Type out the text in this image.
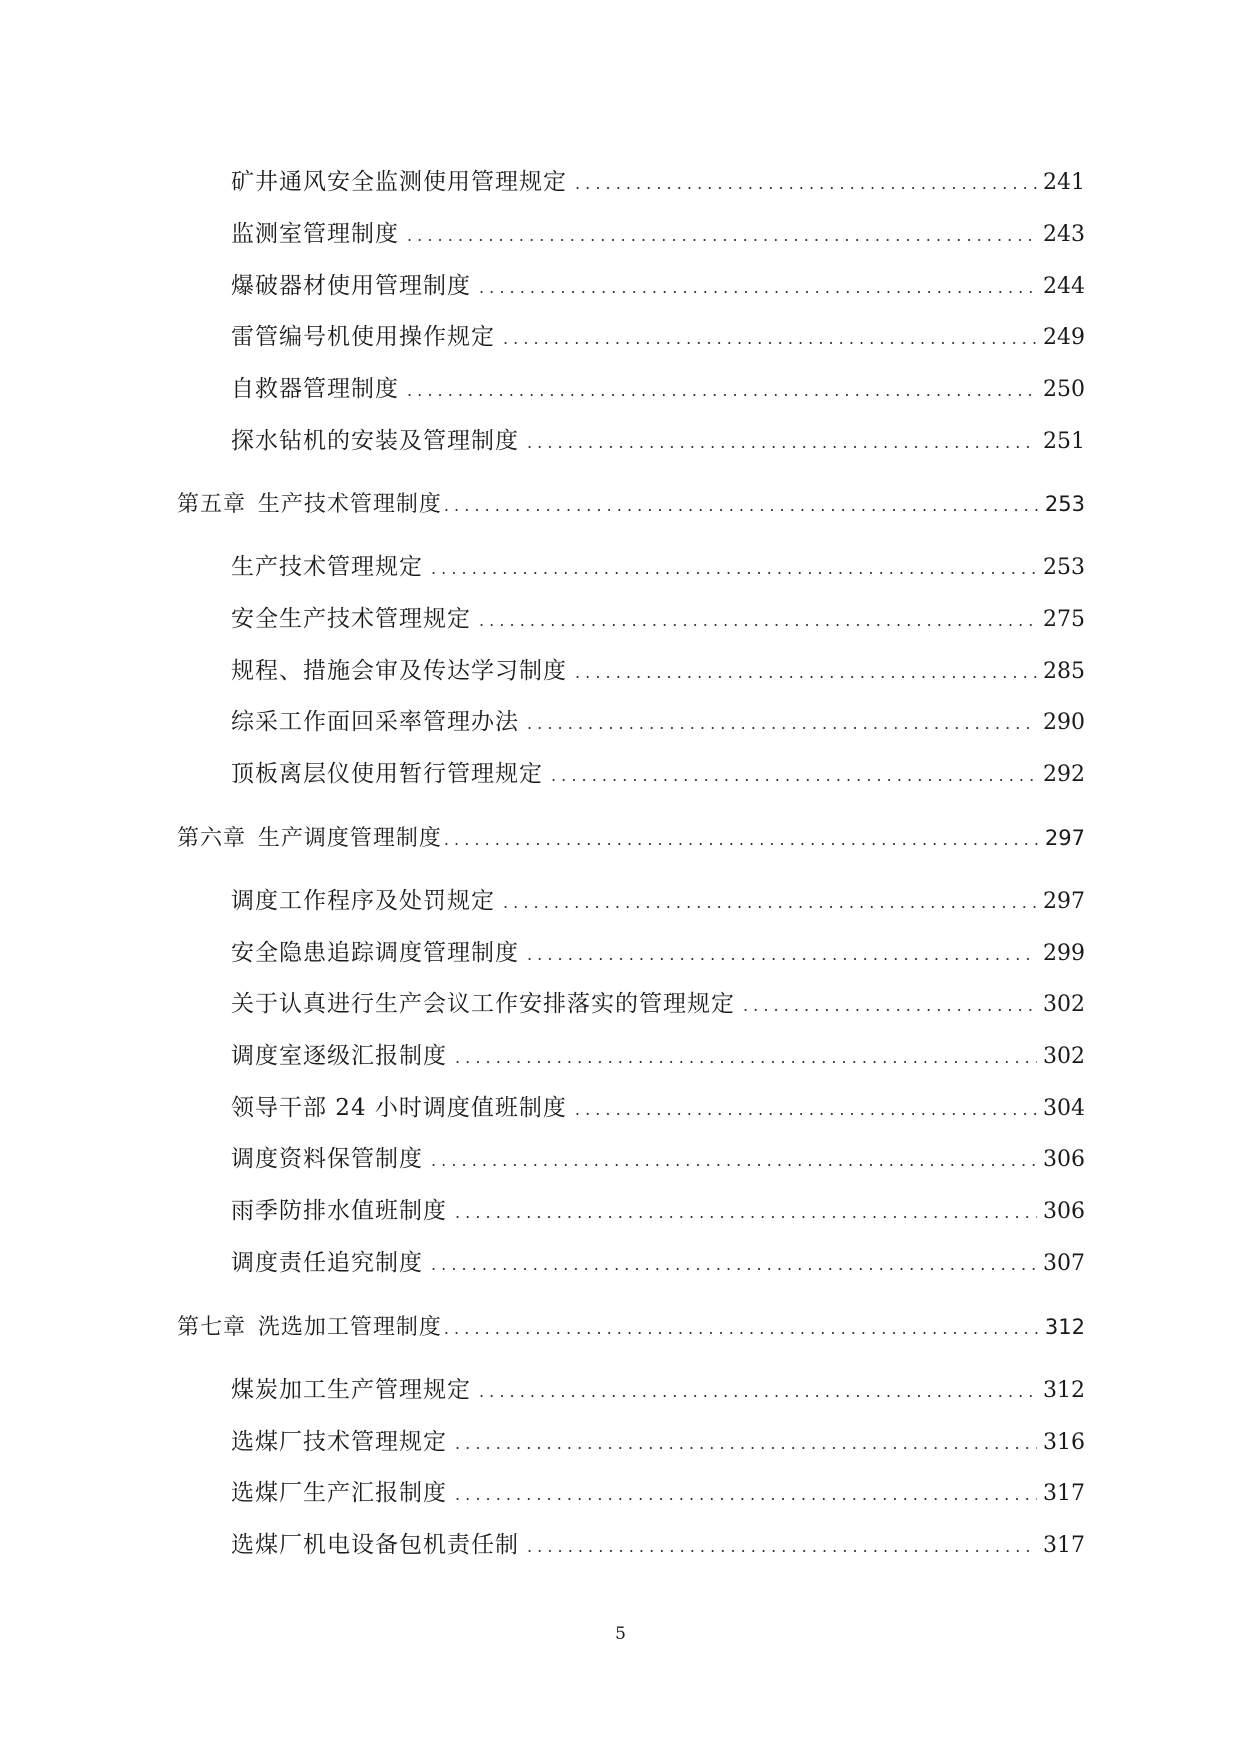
矿井通风安全监测使用管理规定 . . .	241
监测室管理制度 . . .	243
爆破器材使用管理制度 . . .	244
雷管编号机使用操作规定 . . .	249
自救器管理制度 . . .	250
探水钻机的安装及管理制度 . . .	251
第五章 生产技术管理制度 . . .	253
生产技术管理规定 . . .	253
安全生产技术管理规定 . . .	275
规程、措施会审及传达学习制度 . . .	285
综采工作面回采率管理办法 . . .	290
顶板离层仪使用暂行管理规定 . . .	292
第六章 生产调度管理制度 . . .	297
调度工作程序及处罚规定 . . .	297
安全隐患追踪调度管理制度 . . .	299
关于认真进行生产会议工作安排落实的管理规定 . . .	302
调度室逐级汇报制度 . . .	302
领导干部 24 小时调度值班制度 . . .	304
调度资料保管制度 . . .	306
雨季防排水值班制度 . . .	306
调度责任追究制度 . . .	307
第七章 洗选加工管理制度 . . .	312
煤炭加工生产管理规定 . . .	312
选煤厂技术管理规定 . . .	316
选煤厂生产汇报制度 . . .	317
选煤厂机电设备包机责任制 . . .	317
5
